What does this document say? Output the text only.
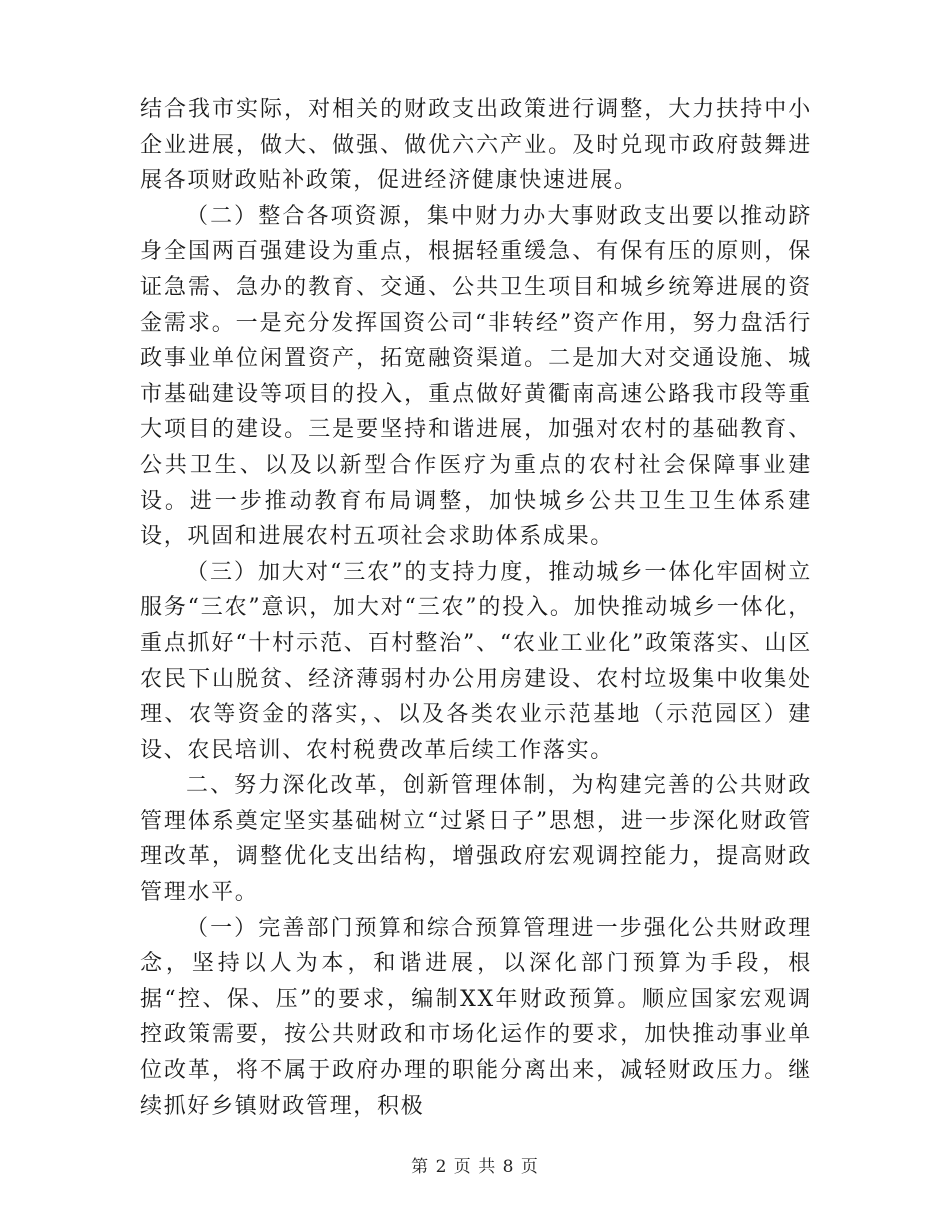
结合我市实际，对相关的财政支出政策进行调整，大力扶持中小企业进展，做大、做强、做优六六产业。及时兑现市政府鼓舞进展各项财政贴补政策，促进经济健康快速进展。

（二）整合各项资源，集中财力办大事财政支出要以推动跻身全国两百强建设为重点，根据轻重缓急、有保有压的原则，保证急需、急办的教育、交通、公共卫生项目和城乡统筹进展的资金需求。一是充分发挥国资公司“非转经”资产作用，努力盘活行政事业单位闲置资产，拓宽融资渠道。二是加大对交通设施、城市基础建设等项目的投入，重点做好黄衢南高速公路我市段等重大项目的建设。三是要坚持和谐进展，加强对农村的基础教育、公共卫生、以及以新型合作医疗为重点的农村社会保障事业建设。进一步推动教育布局调整，加快城乡公共卫生卫生体系建设，巩固和进展农村五项社会求助体系成果。

（三）加大对“三农”的支持力度，推动城乡一体化牢固树立服务“三农”意识，加大对“三农”的投入。加快推动城乡一体化，重点抓好“十村示范、百村整治”、“农业工业化”政策落实、山区农民下山脱贫、经济薄弱村办公用房建设、农村垃圾集中收集处理、农等资金的落实，、以及各类农业示范基地（示范园区）建设、农民培训、农村税费改革后续工作落实。

二、努力深化改革，创新管理体制，为构建完善的公共财政管理体系奠定坚实基础树立“过紧日子”思想，进一步深化财政管理改革，调整优化支出结构，增强政府宏观调控能力，提高财政管理水平。

（一）完善部门预算和综合预算管理进一步强化公共财政理念，坚持以人为本，和谐进展，以深化部门预算为手段，根据“控、保、压”的要求，编制XX年财政预算。顺应国家宏观调控政策需要，按公共财政和市场化运作的要求，加快推动事业单位改革，将不属于政府办理的职能分离出来，减轻财政压力。继续抓好乡镇财政管理，积极

第 2 页 共 8 页
